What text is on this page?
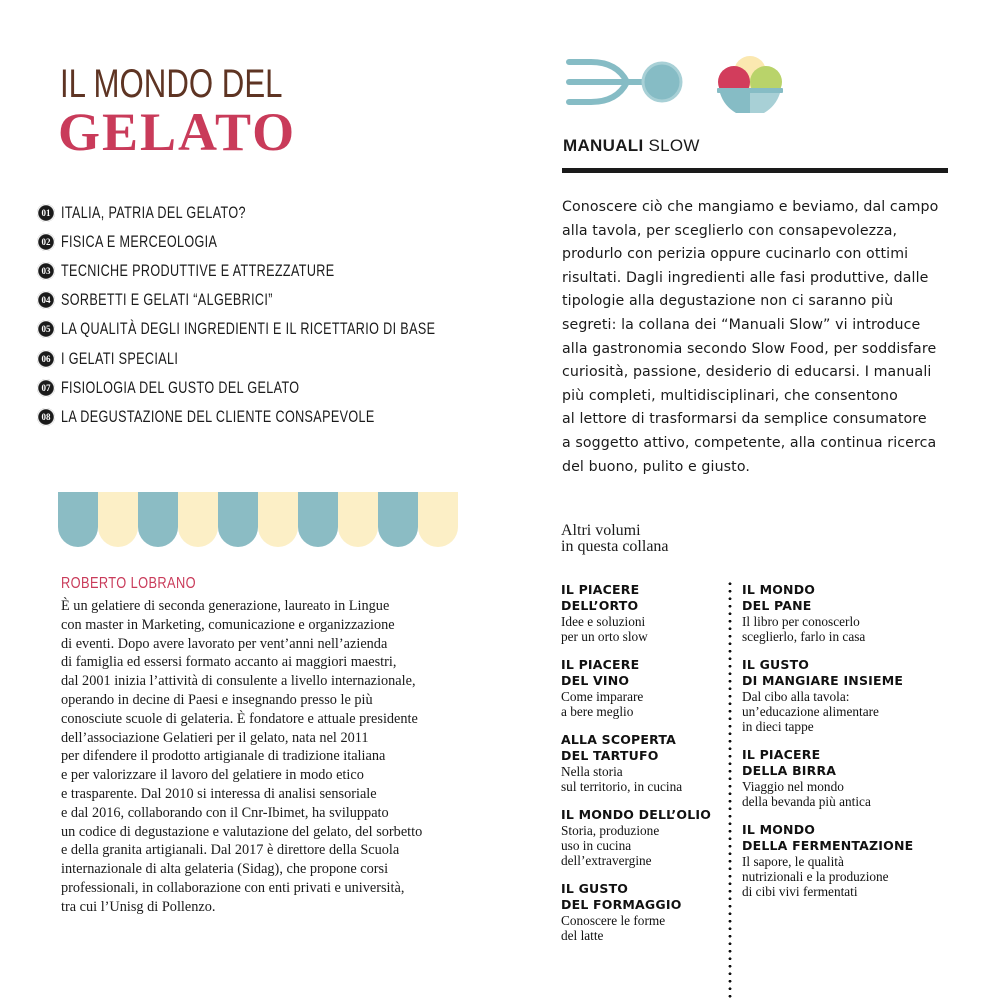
IL MONDO DEL
GELATO
01 ITALIA, PATRIA DEL GELATO?
02 FISICA E MERCEOLOGIA
03 TECNICHE PRODUTTIVE E ATTREZZATURE
04 SORBETTI E GELATI “ALGEBRICI”
05 LA QUALITÀ DEGLI INGREDIENTI E IL RICETTARIO DI BASE
06 I GELATI SPECIALI
07 FISIOLOGIA DEL GUSTO DEL GELATO
08 LA DEGUSTAZIONE DEL CLIENTE CONSAPEVOLE
ROBERTO LOBRANO
È un gelatiere di seconda generazione, laureato in Lingue
con master in Marketing, comunicazione e organizzazione
di eventi. Dopo avere lavorato per vent’anni nell’azienda
di famiglia ed essersi formato accanto ai maggiori maestri,
dal 2001 inizia l’attività di consulente a livello internazionale,
operando in decine di Paesi e insegnando presso le più
conosciute scuole di gelateria. È fondatore e attuale presidente
dell’associazione Gelatieri per il gelato, nata nel 2011
per difendere il prodotto artigianale di tradizione italiana
e per valorizzare il lavoro del gelatiere in modo etico
e trasparente. Dal 2010 si interessa di analisi sensoriale
e dal 2016, collaborando con il Cnr-Ibimet, ha sviluppato
un codice di degustazione e valutazione del gelato, del sorbetto
e della granita artigianali. Dal 2017 è direttore della Scuola
internazionale di alta gelateria (Sidag), che propone corsi
professionali, in collaborazione con enti privati e università,
tra cui l’Unisg di Pollenzo.
MANUALI SLOW
Conoscere ciò che mangiamo e beviamo, dal campo
alla tavola, per sceglierlo con consapevolezza,
produrlo con perizia oppure cucinarlo con ottimi
risultati. Dagli ingredienti alle fasi produttive, dalle
tipologie alla degustazione non ci saranno più
segreti: la collana dei “Manuali Slow” vi introduce
alla gastronomia secondo Slow Food, per soddisfare
curiosità, passione, desiderio di educarsi. I manuali
più completi, multidisciplinari, che consentono
al lettore di trasformarsi da semplice consumatore
a soggetto attivo, competente, alla continua ricerca
del buono, pulito e giusto.
Altri volumi
in questa collana
IL PIACERE
DELL’ORTO
Idee e soluzioni
per un orto slow
IL PIACERE
DEL VINO
Come imparare
a bere meglio
ALLA SCOPERTA
DEL TARTUFO
Nella storia
sul territorio, in cucina
IL MONDO DELL’OLIO
Storia, produzione
uso in cucina
dell’extravergine
IL GUSTO
DEL FORMAGGIO
Conoscere le forme
del latte
IL MONDO
DEL PANE
Il libro per conoscerlo
sceglierlo, farlo in casa
IL GUSTO
DI MANGIARE INSIEME
Dal cibo alla tavola:
un’educazione alimentare
in dieci tappe
IL PIACERE
DELLA BIRRA
Viaggio nel mondo
della bevanda più antica
IL MONDO
DELLA FERMENTAZIONE
Il sapore, le qualità
nutrizionali e la produzione
di cibi vivi fermentati
